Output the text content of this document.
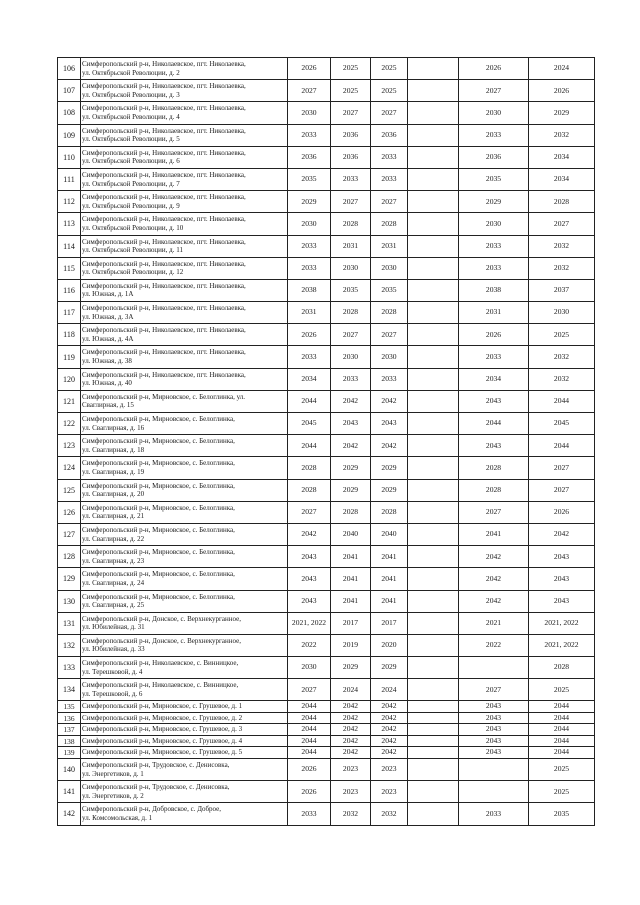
106	Симферопольский р-н, Николаевское, пгт. Николаевка,
ул. Октябрьской Революции, д. 2	2026	2025	2025		2026	2024
107	Симферопольский р-н, Николаевское, пгт. Николаевка,
ул. Октябрьской Революции, д. 3	2027	2025	2025		2027	2026
108	Симферопольский р-н, Николаевское, пгт. Николаевка,
ул. Октябрьской Революции, д. 4	2030	2027	2027		2030	2029
109	Симферопольский р-н, Николаевское, пгт. Николаевка,
ул. Октябрьской Революции, д. 5	2033	2036	2036		2033	2032
110	Симферопольский р-н, Николаевское, пгт. Николаевка,
ул. Октябрьской Революции, д. 6	2036	2036	2033		2036	2034
111	Симферопольский р-н, Николаевское, пгт. Николаевка,
ул. Октябрьской Революции, д. 7	2035	2033	2033		2035	2034
112	Симферопольский р-н, Николаевское, пгт. Николаевка,
ул. Октябрьской Революции, д. 9	2029	2027	2027		2029	2028
113	Симферопольский р-н, Николаевское, пгт. Николаевка,
ул. Октябрьской Революции, д. 10	2030	2028	2028		2030	2027
114	Симферопольский р-н, Николаевское, пгт. Николаевка,
ул. Октябрьской Революции, д. 11	2033	2031	2031		2033	2032
115	Симферопольский р-н, Николаевское, пгт. Николаевка,
ул. Октябрьской Революции, д. 12	2033	2030	2030		2033	2032
116	Симферопольский р-н, Николаевское, пгт. Николаевка,
ул. Южная, д. 1А	2038	2035	2035		2038	2037
117	Симферопольский р-н, Николаевское, пгт. Николаевка,
ул. Южная, д. 3А	2031	2028	2028		2031	2030
118	Симферопольский р-н, Николаевское, пгт. Николаевка,
ул. Южная, д. 4А	2026	2027	2027		2026	2025
119	Симферопольский р-н, Николаевское, пгт. Николаевка,
ул. Южная, д. 38	2033	2030	2030		2033	2032
120	Симферопольский р-н, Николаевское, пгт. Николаевка,
ул. Южная, д. 40	2034	2033	2033		2034	2032
121	Симферопольский р-н, Мирновское, с. Белоглинка, ул.
Сваглирная, д. 15	2044	2042	2042		2043	2044
122	Симферопольский р-н, Мирновское, с. Белоглинка,
ул. Сваглирная, д. 16	2045	2043	2043		2044	2045
123	Симферопольский р-н, Мирновское, с. Белоглинка,
ул. Сваглирная, д. 18	2044	2042	2042		2043	2044
124	Симферопольский р-н, Мирновское, с. Белоглинка,
ул. Сваглирная, д. 19	2028	2029	2029		2028	2027
125	Симферопольский р-н, Мирновское, с. Белоглинка,
ул. Сваглирная, д. 20	2028	2029	2029		2028	2027
126	Симферопольский р-н, Мирновское, с. Белоглинка,
ул. Сваглирная, д. 21	2027	2028	2028		2027	2026
127	Симферопольский р-н, Мирновское, с. Белоглинка,
ул. Сваглирная, д. 22	2042	2040	2040		2041	2042
128	Симферопольский р-н, Мирновское, с. Белоглинка,
ул. Сваглирная, д. 23	2043	2041	2041		2042	2043
129	Симферопольский р-н, Мирновское, с. Белоглинка,
ул. Сваглирная, д. 24	2043	2041	2041		2042	2043
130	Симферопольский р-н, Мирновское, с. Белоглинка,
ул. Сваглирная, д. 25	2043	2041	2041		2042	2043
131	Симферопольский р-н, Донское, с. Верхнекурганное,
ул. Юбилейная, д. 31	2021, 2022	2017	2017		2021	2021, 2022
132	Симферопольский р-н, Донское, с. Верхнекурганное,
ул. Юбилейная, д. 33	2022	2019	2020		2022	2021, 2022
133	Симферопольский р-н, Николаевское, с. Винницкое,
ул. Терешковой, д. 4	2030	2029	2029			2028
134	Симферопольский р-н, Николаевское, с. Винницкое,
ул. Терешковой, д. 6	2027	2024	2024		2027	2025
135	Симферопольский р-н, Мирновское, с. Грушевое, д. 1	2044	2042	2042		2043	2044
136	Симферопольский р-н, Мирновское, с. Грушевое, д. 2	2044	2042	2042		2043	2044
137	Симферопольский р-н, Мирновское, с. Грушевое, д. 3	2044	2042	2042		2043	2044
138	Симферопольский р-н, Мирновское, с. Грушевое, д. 4	2044	2042	2042		2043	2044
139	Симферопольский р-н, Мирновское, с. Грушевое, д. 5	2044	2042	2042		2043	2044
140	Симферопольский р-н, Трудовское, с. Денисовка,
ул. Энергетиков, д. 1	2026	2023	2023			2025
141	Симферопольский р-н, Трудовское, с. Денисовка,
ул. Энергетиков, д. 2	2026	2023	2023			2025
142	Симферопольский р-н, Добровское, с. Доброе,
ул. Комсомольская, д. 1	2033	2032	2032		2033	2035
